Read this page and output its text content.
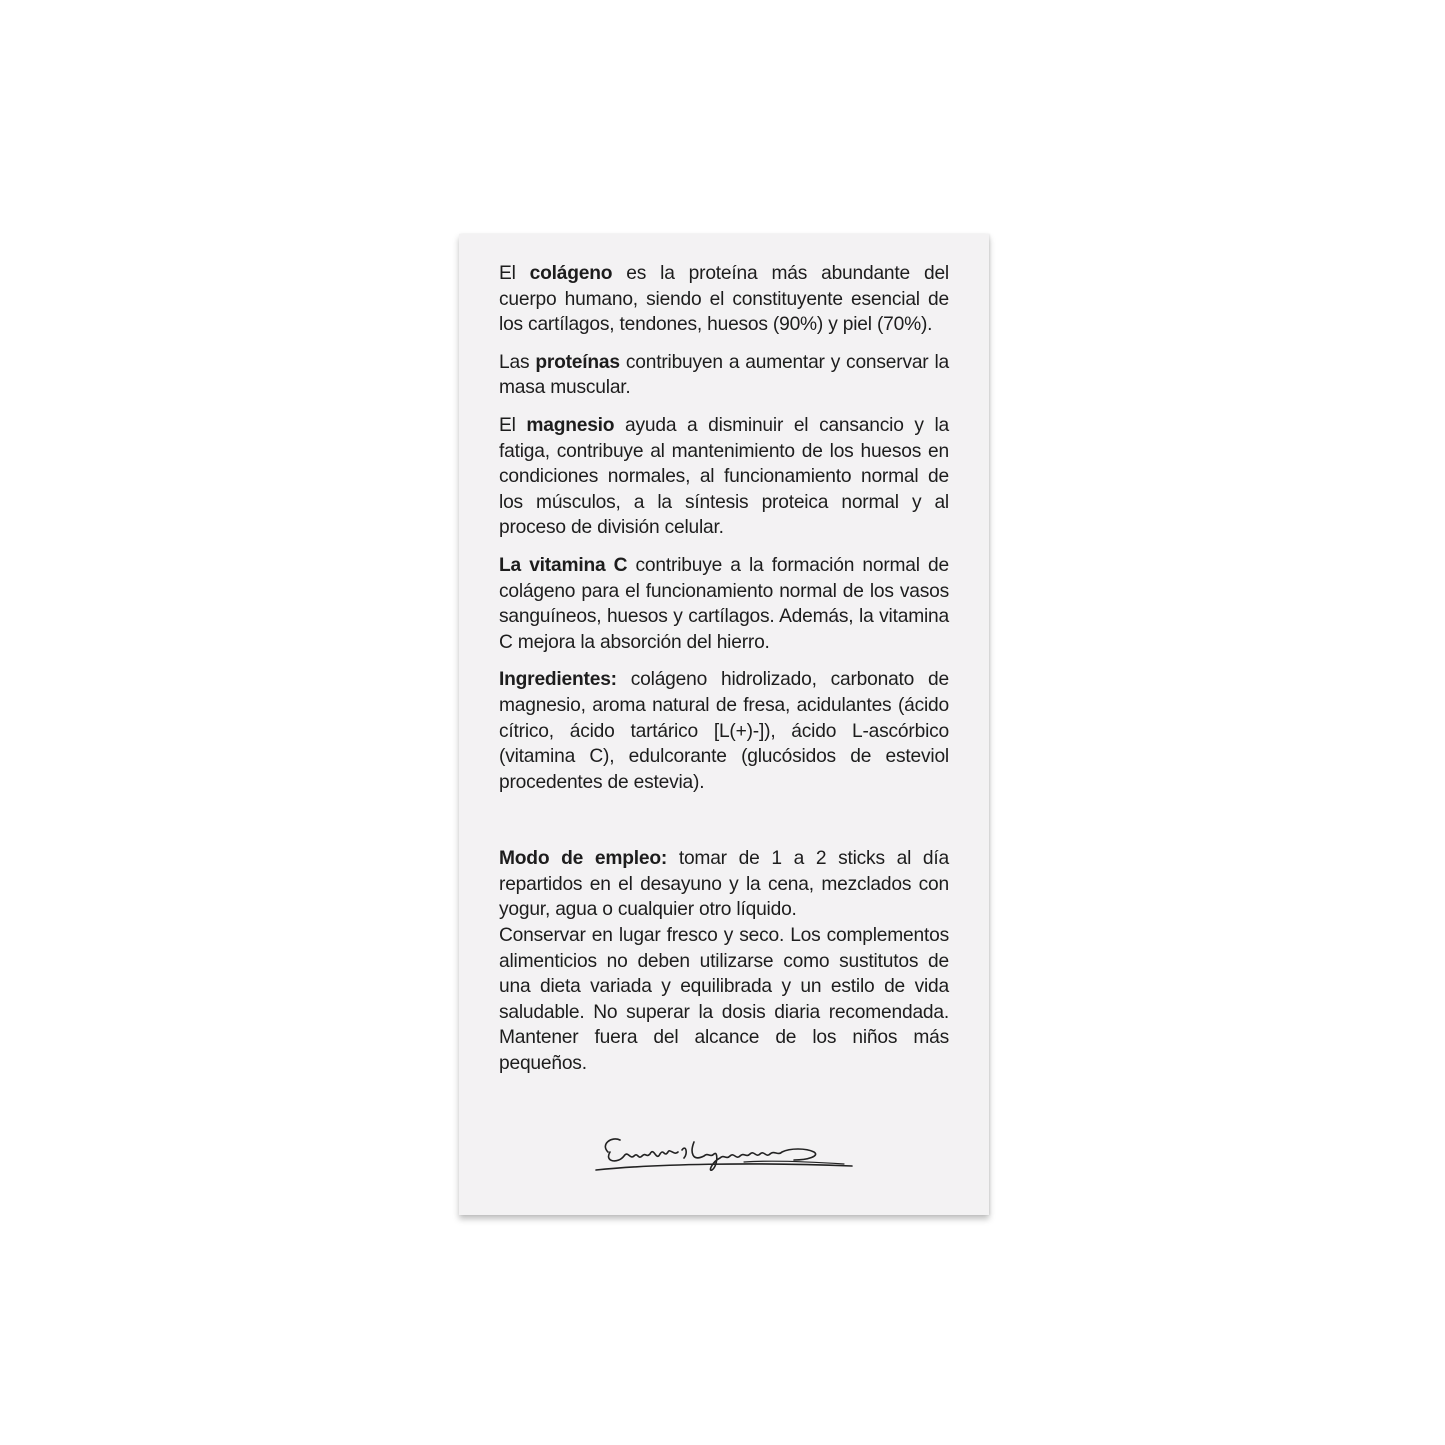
El colágeno es la proteína más abundante del cuerpo humano, siendo el constituyente esencial de los cartílagos, tendones, huesos (90%) y piel (70%).

Las proteínas contribuyen a aumentar y conservar la masa muscular.

El magnesio ayuda a disminuir el cansancio y la fatiga, contribuye al mantenimiento de los huesos en condiciones normales, al funcionamiento normal de los músculos, a la síntesis proteica normal y al proceso de división celular.

La vitamina C contribuye a la formación normal de colágeno para el funcionamiento normal de los vasos sanguíneos, huesos y cartílagos. Además, la vitamina C mejora la absorción del hierro.

Ingredientes: colágeno hidrolizado, carbonato de magnesio, aroma natural de fresa, acidulantes (ácido cítrico, ácido tartárico [L(+)-]), ácido L-ascórbico (vitamina C), edulcorante (glucósidos de esteviol procedentes de estevia).

Modo de empleo: tomar de 1 a 2 sticks al día repartidos en el desayuno y la cena, mezclados con yogur, agua o cualquier otro líquido.

Conservar en lugar fresco y seco. Los complementos alimenticios no deben utilizarse como sustitutos de una dieta variada y equilibrada y un estilo de vida saludable. No superar la dosis diaria recomendada. Mantener fuera del alcance de los niños más pequeños.
